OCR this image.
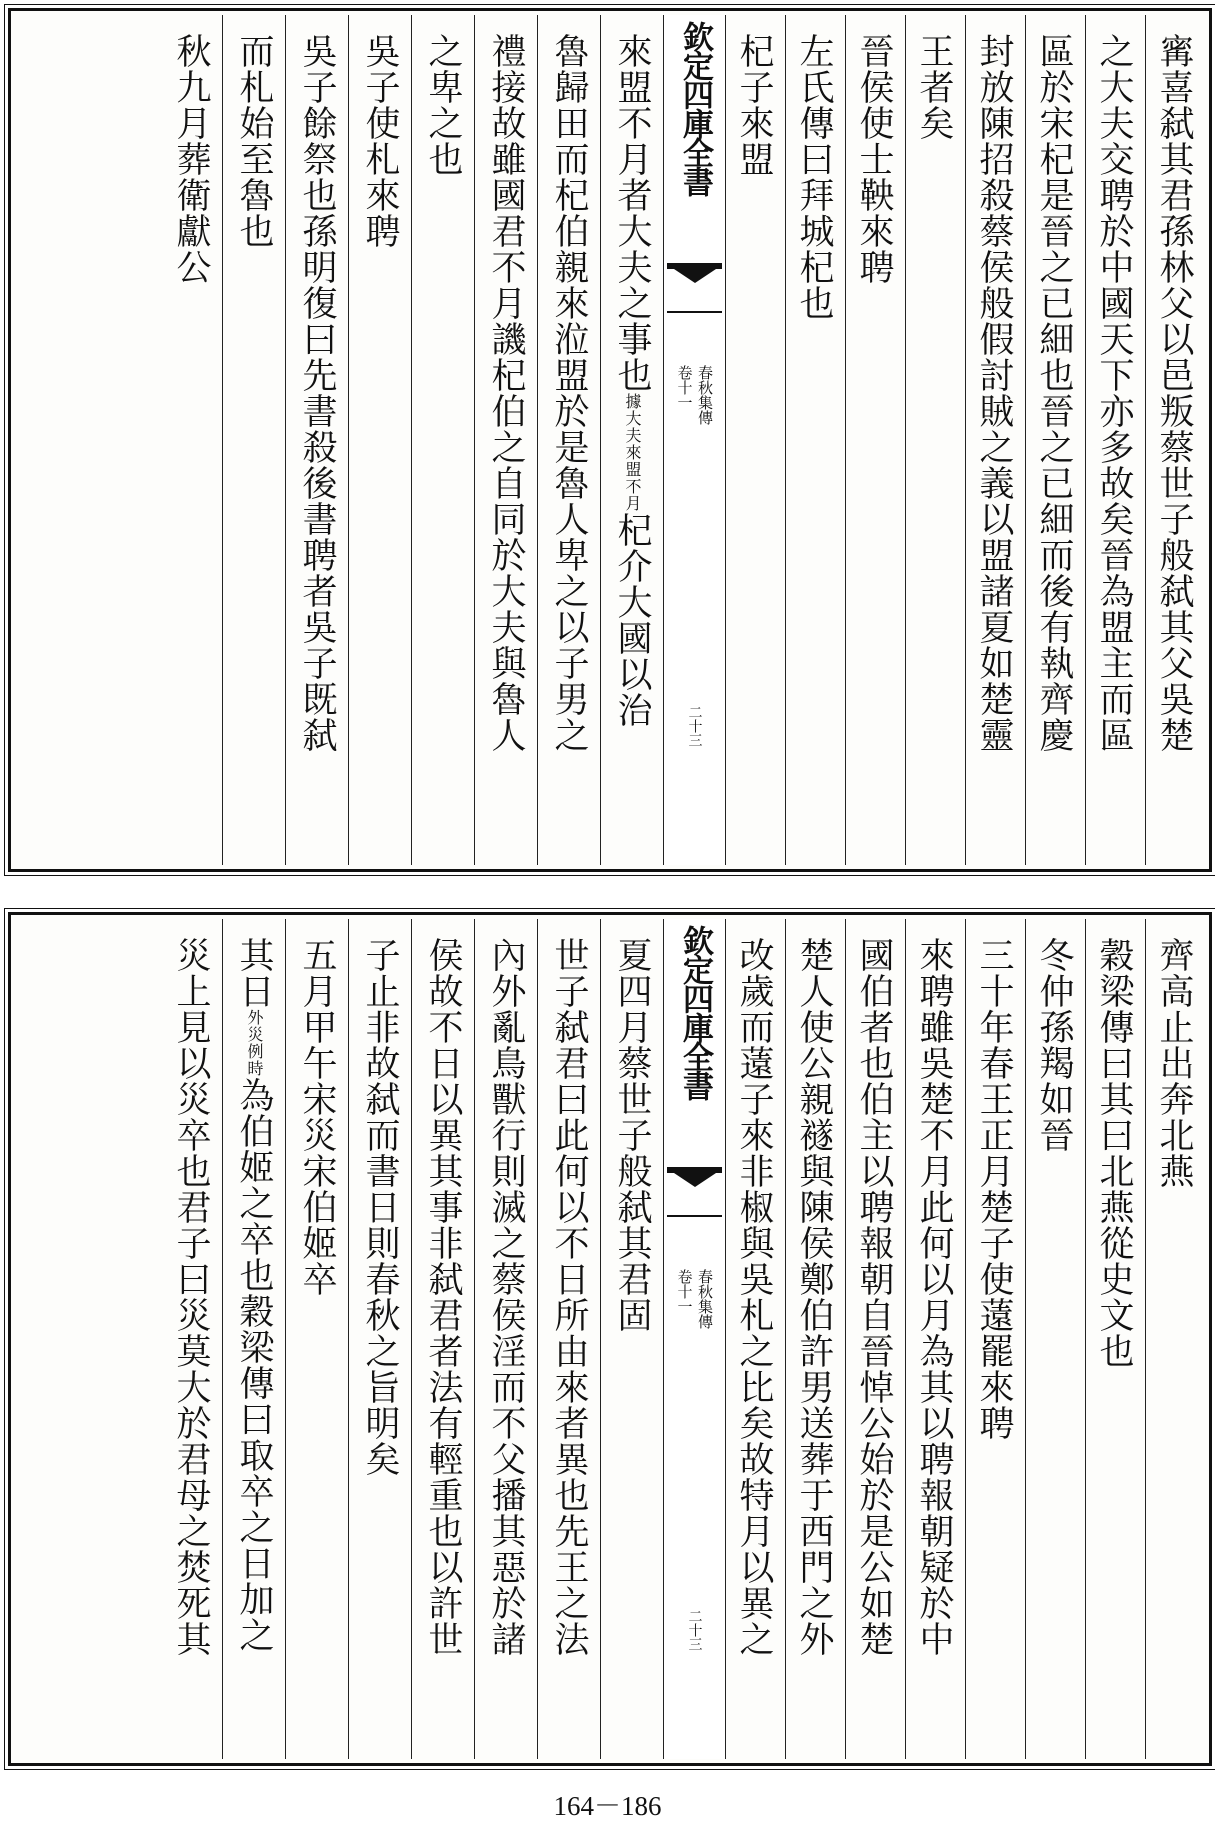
寗喜弑其君孫林父以邑叛蔡世子般弑其父吳楚
之大夫交聘於中國天下亦多故矣晉為盟主而區
區於宋杞是晉之已細也晉之已細而後有執齊慶
封放陳招殺蔡侯般假討賊之義以盟諸夏如楚靈
王者矣
晉侯使士鞅來聘
左氏傳曰拜城杞也
杞子來盟
欽定四庫全書
春秋集傳
卷十一
二十三
來盟不月者大夫之事也據大夫來盟不月杞介大國以治
魯歸田而杞伯親來涖盟於是魯人卑之以子男之
禮接故雖國君不月譏杞伯之自同於大夫與魯人
之卑之也
吳子使札來聘
吳子餘祭也孫明復曰先書殺後書聘者吳子既弑
而札始至魯也
秋九月葬衛獻公
齊高止出奔北燕
穀梁傳曰其曰北燕從史文也
冬仲孫羯如晉
三十年春王正月楚子使薳罷來聘
來聘雖吳楚不月此何以月為其以聘報朝疑於中
國伯者也伯主以聘報朝自晉悼公始於是公如楚
楚人使公親襚與陳侯鄭伯許男送葬于西門之外
改歲而薳子來非椒與吳札之比矣故特月以異之
欽定四庫全書
春秋集傳
卷十一
二十三
夏四月蔡世子般弑其君固
世子弑君曰此何以不日所由來者異也先王之法
內外亂鳥獸行則滅之蔡侯淫而不父播其惡於諸
侯故不日以異其事非弑君者法有輕重也以許世
子止非故弑而書日則春秋之旨明矣
五月甲午宋災宋伯姬卒
其日外災例時為伯姬之卒也穀梁傳曰取卒之日加之
災上見以災卒也君子曰災莫大於君母之焚死其
164－186
